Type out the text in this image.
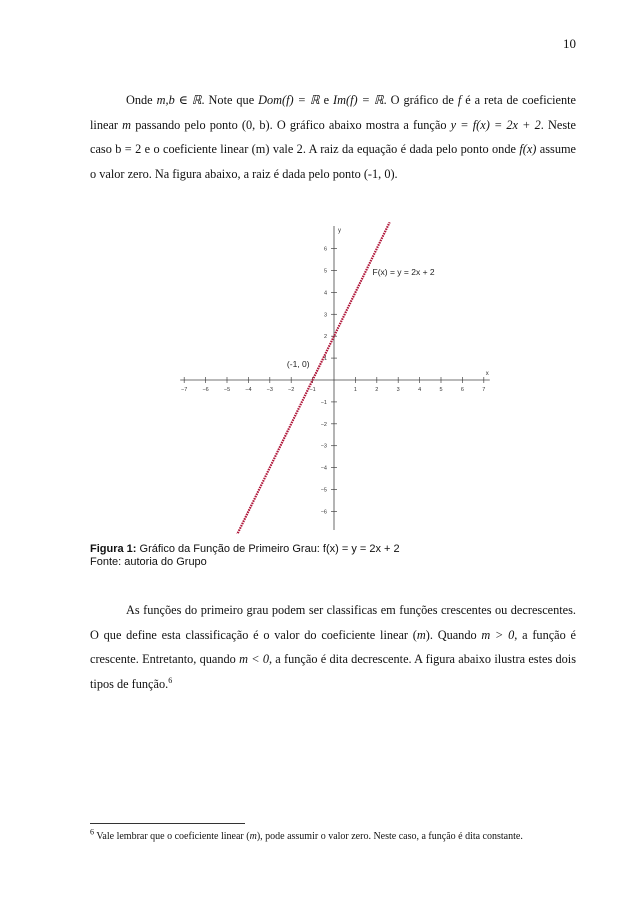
10

Onde m,b ∈ ℝ. Note que Dom(f) = ℝ e Im(f) = ℝ. O gráfico de f é a reta de coeficiente linear m passando pelo ponto (0, b). O gráfico abaixo mostra a função y = f(x) = 2x + 2. Neste caso b = 2 e o coeficiente linear (m) vale 2. A raiz da equação é dada pelo ponto onde f(x) assume o valor zero. Na figura abaixo, a raiz é dada pelo ponto (-1, 0).

x
y
−7	−6	−5	−4	−3	−2	−1	1	2	3	4	5	6	7
−6
−5
−4
−3
−2
−1
1
2
3
4
5
6
F(x) = y = 2x + 2
(-1, 0)
Figura 1: Gráfico da Função de Primeiro Grau: f(x) = y = 2x + 2
Fonte: autoria do Grupo

As funções do primeiro grau podem ser classificas em funções crescentes ou decrescentes. O que define esta classificação é o valor do coeficiente linear (m). Quando m > 0, a função é crescente. Entretanto, quando m < 0, a função é dita decrescente. A figura abaixo ilustra estes dois tipos de função.$^6$

$^6$ Vale lembrar que o coeficiente linear (m), pode assumir o valor zero. Neste caso, a função é dita constante.
